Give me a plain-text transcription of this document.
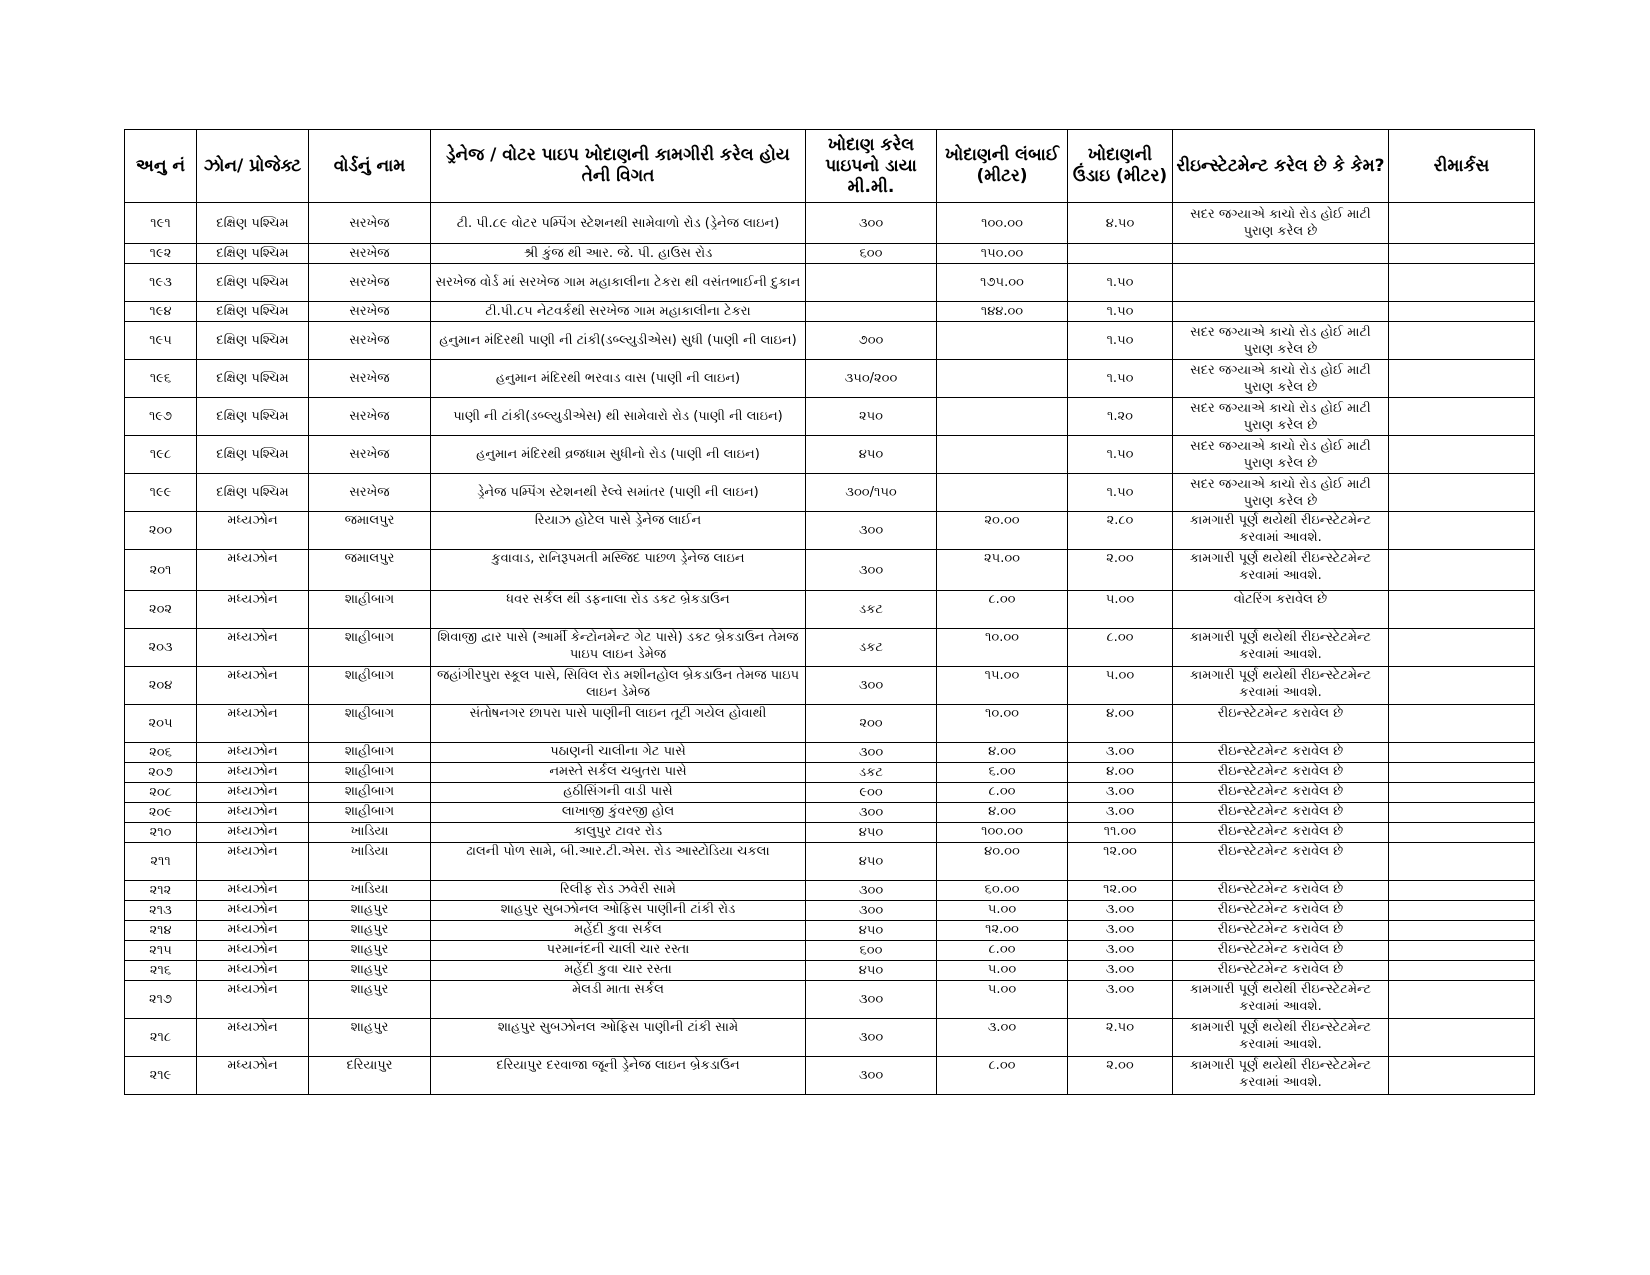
અનુ નં	ઝોન/ પ્રોજેક્ટ	વોર્ડનું નામ	ડ્રેનેજ / વોટર પાઇપ ખોદાણની કામગીરી કરેલ હોય તેની વિગત	ખોદાણ કરેલ પાઇપનો ડાયા મી.મી.	ખોદાણની લંબાઈ (મીટર)	ખોદાણની ઉંડાઇ (મીટર)	રીઇન્સ્ટેટમેન્ટ કરેલ છે કે કેમ?	રીમાર્કસ
૧૯૧	દક્ષિણ પશ્ચિમ	સરખેજ	ટી. પી.૮૯ વોટર પમ્પિંગ સ્ટેશનથી સામેવાળો રોડ (ડ્રેનેજ લાઇન)	૩૦૦	૧૦૦.૦૦	૪.૫૦	સદર જગ્યાએ કાચો રોડ હોઈ માટી પુરાણ કરેલ છે	
૧૯૨	દક્ષિણ પશ્ચિમ	સરખેજ	શ્રી કુંજ થી આર. જે. પી. હાઉસ રોડ	૬૦૦	૧૫૦.૦૦			
૧૯૩	દક્ષિણ પશ્ચિમ	સરખેજ	સરખેજ વોર્ડ માં સરખેજ ગામ મહાકાલીના ટેકરા થી વસંતભાઈની દુકાન		૧૭૫.૦૦	૧.૫૦		
૧૯૪	દક્ષિણ પશ્ચિમ	સરખેજ	ટી.પી.૮૫ નેટવર્કથી સરખેજ ગામ મહાકાલીના ટેકરા		૧૪૪.૦૦	૧.૫૦		
૧૯૫	દક્ષિણ પશ્ચિમ	સરખેજ	હનુમાન મંદિરથી પાણી ની ટાંકી(ડબ્લ્યુડીએસ) સુધી (પાણી ની લાઇન)	૭૦૦		૧.૫૦	સદર જગ્યાએ કાચો રોડ હોઈ માટી પુરાણ કરેલ છે	
૧૯૬	દક્ષિણ પશ્ચિમ	સરખેજ	હનુમાન મંદિરથી ભરવાડ વાસ (પાણી ની લાઇન)	૩૫૦/૨૦૦		૧.૫૦	સદર જગ્યાએ કાચો રોડ હોઈ માટી પુરાણ કરેલ છે	
૧૯૭	દક્ષિણ પશ્ચિમ	સરખેજ	પાણી ની ટાંકી(ડબ્લ્યુડીએસ) થી સામેવારો રોડ (પાણી ની લાઇન)	૨૫૦		૧.૨૦	સદર જગ્યાએ કાચો રોડ હોઈ માટી પુરાણ કરેલ છે	
૧૯૮	દક્ષિણ પશ્ચિમ	સરખેજ	હનુમાન મંદિરથી વ્રજધામ સુધીનો રોડ (પાણી ની લાઇન)	૪૫૦		૧.૫૦	સદર જગ્યાએ કાચો રોડ હોઈ માટી પુરાણ કરેલ છે	
૧૯૯	દક્ષિણ પશ્ચિમ	સરખેજ	ડ્રેનેજ પમ્પિંગ સ્ટેશનથી રેલ્વે સમાંતર (પાણી ની લાઇન)	૩૦૦/૧૫૦		૧.૫૦	સદર જગ્યાએ કાચો રોડ હોઈ માટી પુરાણ કરેલ છે	
૨૦૦	મધ્યઝોન	જમાલપુર	રિયાઝ હોટેલ પાસે ડ્રેનેજ લાઈન	૩૦૦	૨૦.૦૦	૨.૮૦	કામગારી પૂર્ણ થયેથી રીઇન્સ્ટેટમેન્ટ કરવામાં આવશે.	
૨૦૧	મધ્યઝોન	જમાલપુર	કુવાવાડ, રાનિરૂપમતી મસ્જિદ પાછળ ડ્રેનેજ લાઇન	૩૦૦	૨૫.૦૦	૨.૦૦	કામગારી પૂર્ણ થયેથી રીઇન્સ્ટેટમેન્ટ કરવામાં આવશે.	
૨૦૨	મધ્યઝોન	શાહીબાગ	ધવર સર્કલ થી ડફનાલા રોડ ડકટ બ્રેકડાઉન	ડકટ	૮.૦૦	૫.૦૦	વોટરિંગ કરાવેલ છે	
૨૦૩	મધ્યઝોન	શાહીબાગ	શિવાજી દ્વાર પાસે (આર્મી કેન્ટોનમેન્ટ ગેટ પાસે) ડકટ બ્રેકડાઉન તેમજ પાઇપ લાઇન ડેમેજ	ડકટ	૧૦.૦૦	૮.૦૦	કામગારી પૂર્ણ થયેથી રીઇન્સ્ટેટમેન્ટ કરવામાં આવશે.	
૨૦૪	મધ્યઝોન	શાહીબાગ	જહાંગીરપુરા સ્કૂલ પાસે, સિવિલ રોડ મશીનહોલ બ્રેકડાઉન તેમજ પાઇપ લાઇન ડેમેજ	૩૦૦	૧૫.૦૦	૫.૦૦	કામગારી પૂર્ણ થયેથી રીઇન્સ્ટેટમેન્ટ કરવામાં આવશે.	
૨૦૫	મધ્યઝોન	શાહીબાગ	સંતોષનગર છાપરા પાસે પાણીની લાઇન તૂટી ગયેલ હોવાથી	૨૦૦	૧૦.૦૦	૪.૦૦	રીઇન્સ્ટેટમેન્ટ કરાવેલ છે	
૨૦૬	મધ્યઝોન	શાહીબાગ	પઠાણની ચાલીના ગેટ પાસે	૩૦૦	૪.૦૦	૩.૦૦	રીઇન્સ્ટેટમેન્ટ કરાવેલ છે	
૨૦૭	મધ્યઝોન	શાહીબાગ	નમસ્તે સર્કલ ચબુતરા પાસે	ડકટ	૬.૦૦	૪.૦૦	રીઇન્સ્ટેટમેન્ટ કરાવેલ છે	
૨૦૮	મધ્યઝોન	શાહીબાગ	હઠીસિંગની વાડી પાસે	૯૦૦	૮.૦૦	૩.૦૦	રીઇન્સ્ટેટમેન્ટ કરાવેલ છે	
૨૦૯	મધ્યઝોન	શાહીબાગ	લાખાજી કુંવરજી હોલ	૩૦૦	૪.૦૦	૩.૦૦	રીઇન્સ્ટેટમેન્ટ કરાવેલ છે	
૨૧૦	મધ્યઝોન	ખાડિયા	કાલુપુર ટાવર રોડ	૪૫૦	૧૦૦.૦૦	૧૧.૦૦	રીઇન્સ્ટેટમેન્ટ કરાવેલ છે	
૨૧૧	મધ્યઝોન	ખાડિયા	ઢાલની પોળ સામે, બી.આર.ટી.એસ. રોડ આસ્ટોડિયા ચકલા	૪૫૦	૪૦.૦૦	૧૨.૦૦	રીઇન્સ્ટેટમેન્ટ કરાવેલ છે	
૨૧૨	મધ્યઝોન	ખાડિયા	રિલીફ રોડ ઝવેરી સામે	૩૦૦	૬૦.૦૦	૧૨.૦૦	રીઇન્સ્ટેટમેન્ટ કરાવેલ છે	
૨૧૩	મધ્યઝોન	શાહપુર	શાહપુર સુબઝોનલ ઓફિસ પાણીની ટાંકી રોડ	૩૦૦	૫.૦૦	૩.૦૦	રીઇન્સ્ટેટમેન્ટ કરાવેલ છે	
૨૧૪	મધ્યઝોન	શાહપુર	મહેંદી કુવા સર્કલ	૪૫૦	૧૨.૦૦	૩.૦૦	રીઇન્સ્ટેટમેન્ટ કરાવેલ છે	
૨૧૫	મધ્યઝોન	શાહપુર	પરમાનંદની ચાલી ચાર રસ્તા	૬૦૦	૮.૦૦	૩.૦૦	રીઇન્સ્ટેટમેન્ટ કરાવેલ છે	
૨૧૬	મધ્યઝોન	શાહપુર	મહેંદી કુવા ચાર રસ્તા	૪૫૦	૫.૦૦	૩.૦૦	રીઇન્સ્ટેટમેન્ટ કરાવેલ છે	
૨૧૭	મધ્યઝોન	શાહપુર	મેલડી માતા સર્કલ	૩૦૦	૫.૦૦	૩.૦૦	કામગારી પૂર્ણ થયેથી રીઇન્સ્ટેટમેન્ટ કરવામાં આવશે.	
૨૧૮	મધ્યઝોન	શાહપુર	શાહપુર સુબઝોનલ ઓફિસ પાણીની ટાંકી સામે	૩૦૦	૩.૦૦	૨.૫૦	કામગારી પૂર્ણ થયેથી રીઇન્સ્ટેટમેન્ટ કરવામાં આવશે.	
૨૧૯	મધ્યઝોન	દરિયાપુર	દરિયાપુર દરવાજા જૂની ડ્રેનેજ લાઇન બ્રેકડાઉન	૩૦૦	૮.૦૦	૨.૦૦	કામગારી પૂર્ણ થયેથી રીઇન્સ્ટેટમેન્ટ કરવામાં આવશે.	
